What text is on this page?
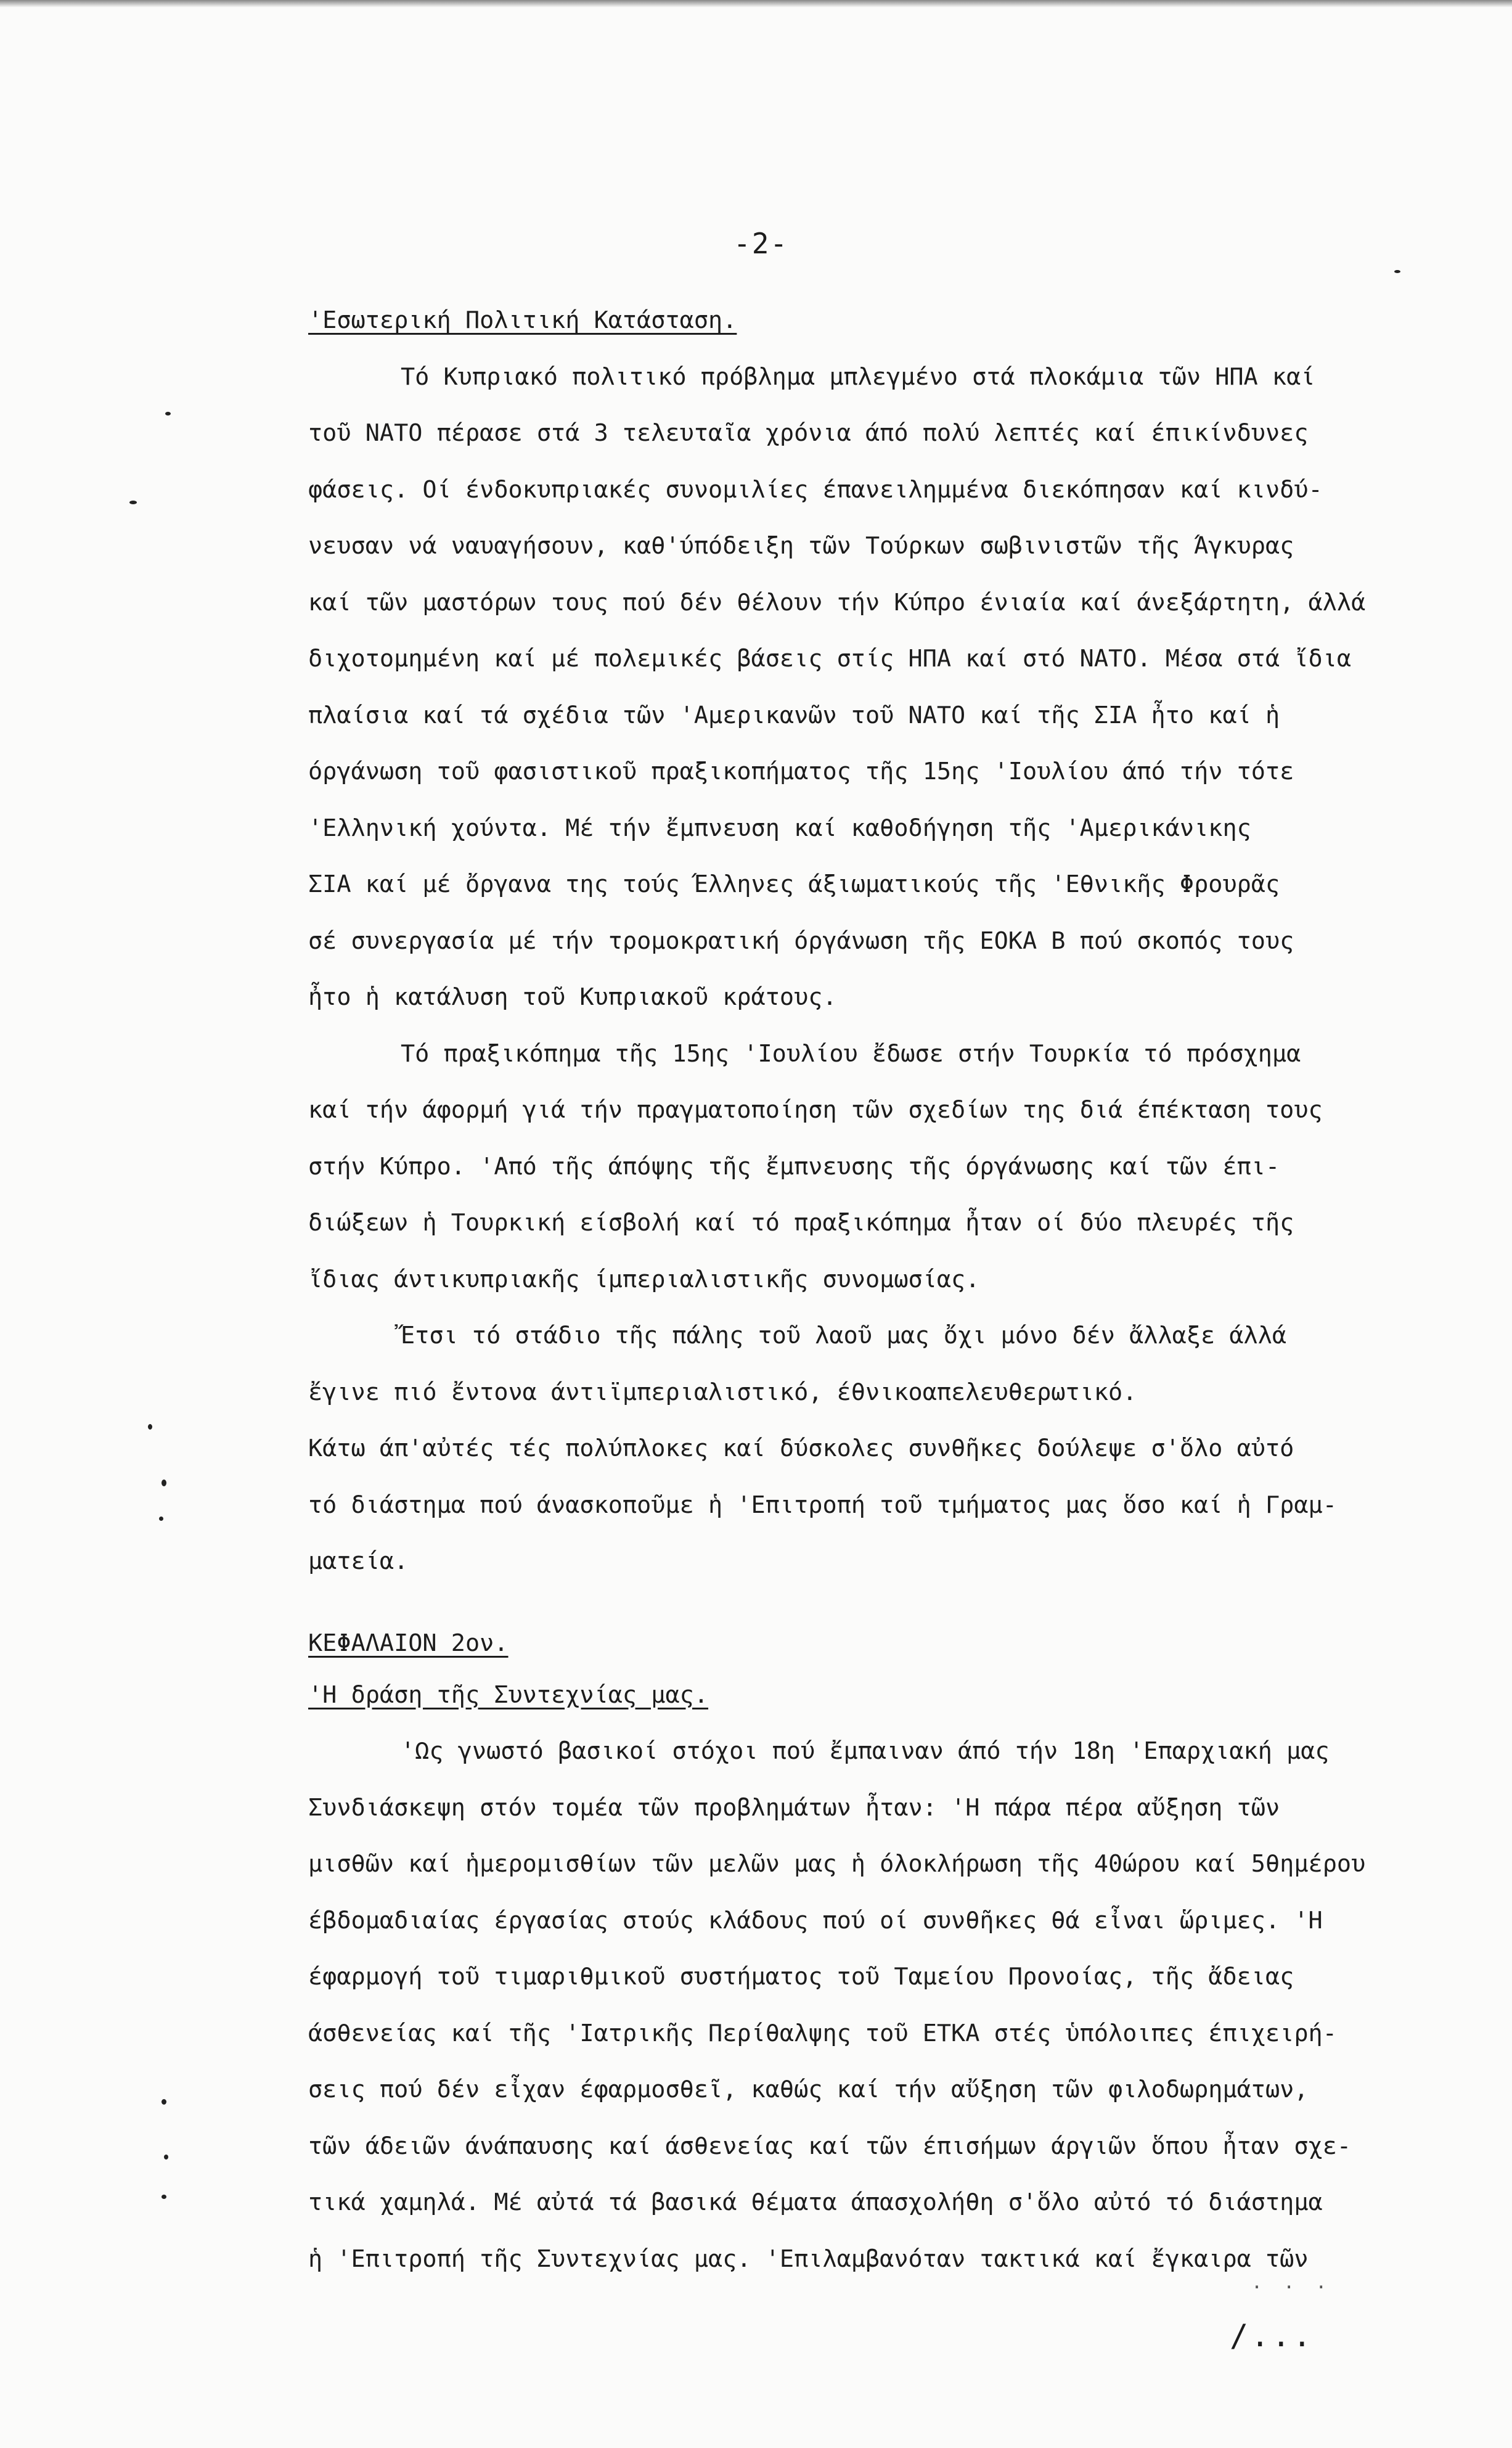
-2-
'Εσωτερική Πολιτική Κατάσταση.
Τό Κυπριακό πολιτικό πρόβλημα μπλεγμένο στά πλοκάμια τῶν ΗΠΑ καί
τοῦ ΝΑΤΟ πέρασε στά 3 τελευταῖα χρόνια άπό πολύ λεπτές καί έπικίνδυνες
φάσεις. Οί ένδοκυπριακές συνομιλίες έπανειλημμένα διεκόπησαν καί κινδύ-
νευσαν νά ναυαγήσουν, καθ'ύπόδειξη τῶν Τούρκων σωβινιστῶν τῆς Άγκυρας
καί τῶν μαστόρων τους πού δέν θέλουν τήν Κύπρο ένιαία καί άνεξάρτητη, άλλά
διχοτομημένη καί μέ πολεμικές βάσεις στίς ΗΠΑ καί στό ΝΑΤΟ. Μέσα στά ἴδια
πλαίσια καί τά σχέδια τῶν 'Αμερικανῶν τοῦ ΝΑΤΟ καί τῆς ΣΙΑ ἦτο καί ἡ
όργάνωση τοῦ φασιστικοῦ πραξικοπήματος τῆς 15ης 'Ιουλίου άπό τήν τότε
'Ελληνική χούντα. Μέ τήν ἔμπνευση καί καθοδήγηση τῆς 'Αμερικάνικης
ΣΙΑ καί μέ ὄργανα της τούς Έλληνες άξιωματικούς τῆς 'Εθνικῆς Φρουρᾶς
σέ συνεργασία μέ τήν τρομοκρατική όργάνωση τῆς ΕΟΚΑ Β πού σκοπός τους
ἦτο ἡ κατάλυση τοῦ Κυπριακοῦ κράτους.
Τό πραξικόπημα τῆς 15ης 'Ιουλίου ἔδωσε στήν Τουρκία τό πρόσχημα
καί τήν άφορμή γιά τήν πραγματοποίηση τῶν σχεδίων της διά έπέκταση τους
στήν Κύπρο. 'Από τῆς άπόψης τῆς ἔμπνευσης τῆς όργάνωσης καί τῶν έπι-
διώξεων ἡ Τουρκική είσβολή καί τό πραξικόπημα ἦταν οί δύο πλευρές τῆς
ἴδιας άντικυπριακῆς ίμπεριαλιστικῆς συνομωσίας.
Ἔτσι τό στάδιο τῆς πάλης τοῦ λαοῦ μας ὄχι μόνο δέν ἄλλαξε άλλά
ἔγινε πιό ἔντονα άντιϊμπεριαλιστικό, έθνικοαπελευθερωτικό.
Κάτω άπ'αὐτές τές πολύπλοκες καί δύσκολες συνθῆκες δούλεψε σ'ὅλο αὐτό
τό διάστημα πού άνασκοποῦμε ἡ 'Επιτροπή τοῦ τμήματος μας ὅσο καί ἡ Γραμ-
ματεία.
ΚΕΦΑΛΑΙΟΝ 2ον.
'Η δράση τῆς Συντεχνίας μας.
'Ως γνωστό βασικοί στόχοι πού ἔμπαιναν άπό τήν 18η 'Επαρχιακή μας
Συνδιάσκεψη στόν τομέα τῶν προβλημάτων ἦταν: 'Η πάρα πέρα αὔξηση τῶν
μισθῶν καί ἡμερομισθίων τῶν μελῶν μας ἡ όλοκλήρωση τῆς 40ώρου καί 5θημέρου
έβδομαδιαίας έργασίας στούς κλάδους πού οί συνθῆκες θά εἶναι ὥριμες. 'Η
έφαρμογή τοῦ τιμαριθμικοῦ συστήματος τοῦ Ταμείου Προνοίας, τῆς ἄδειας
άσθενείας καί τῆς 'Ιατρικῆς Περίθαλψης τοῦ ΕΤΚΑ στές ὑπόλοιπες έπιχειρή-
σεις πού δέν εἶχαν έφαρμοσθεῖ, καθώς καί τήν αὔξηση τῶν φιλοδωρημάτων,
τῶν άδειῶν άνάπαυσης καί άσθενείας καί τῶν έπισήμων άργιῶν ὅπου ἦταν σχε-
τικά χαμηλά. Μέ αὐτά τά βασικά θέματα άπασχολήθη σ'ὅλο αὐτό τό διάστημα
ἡ 'Επιτροπή τῆς Συντεχνίας μας. 'Επιλαμβανόταν τακτικά καί ἔγκαιρα τῶν
. . .
/...
